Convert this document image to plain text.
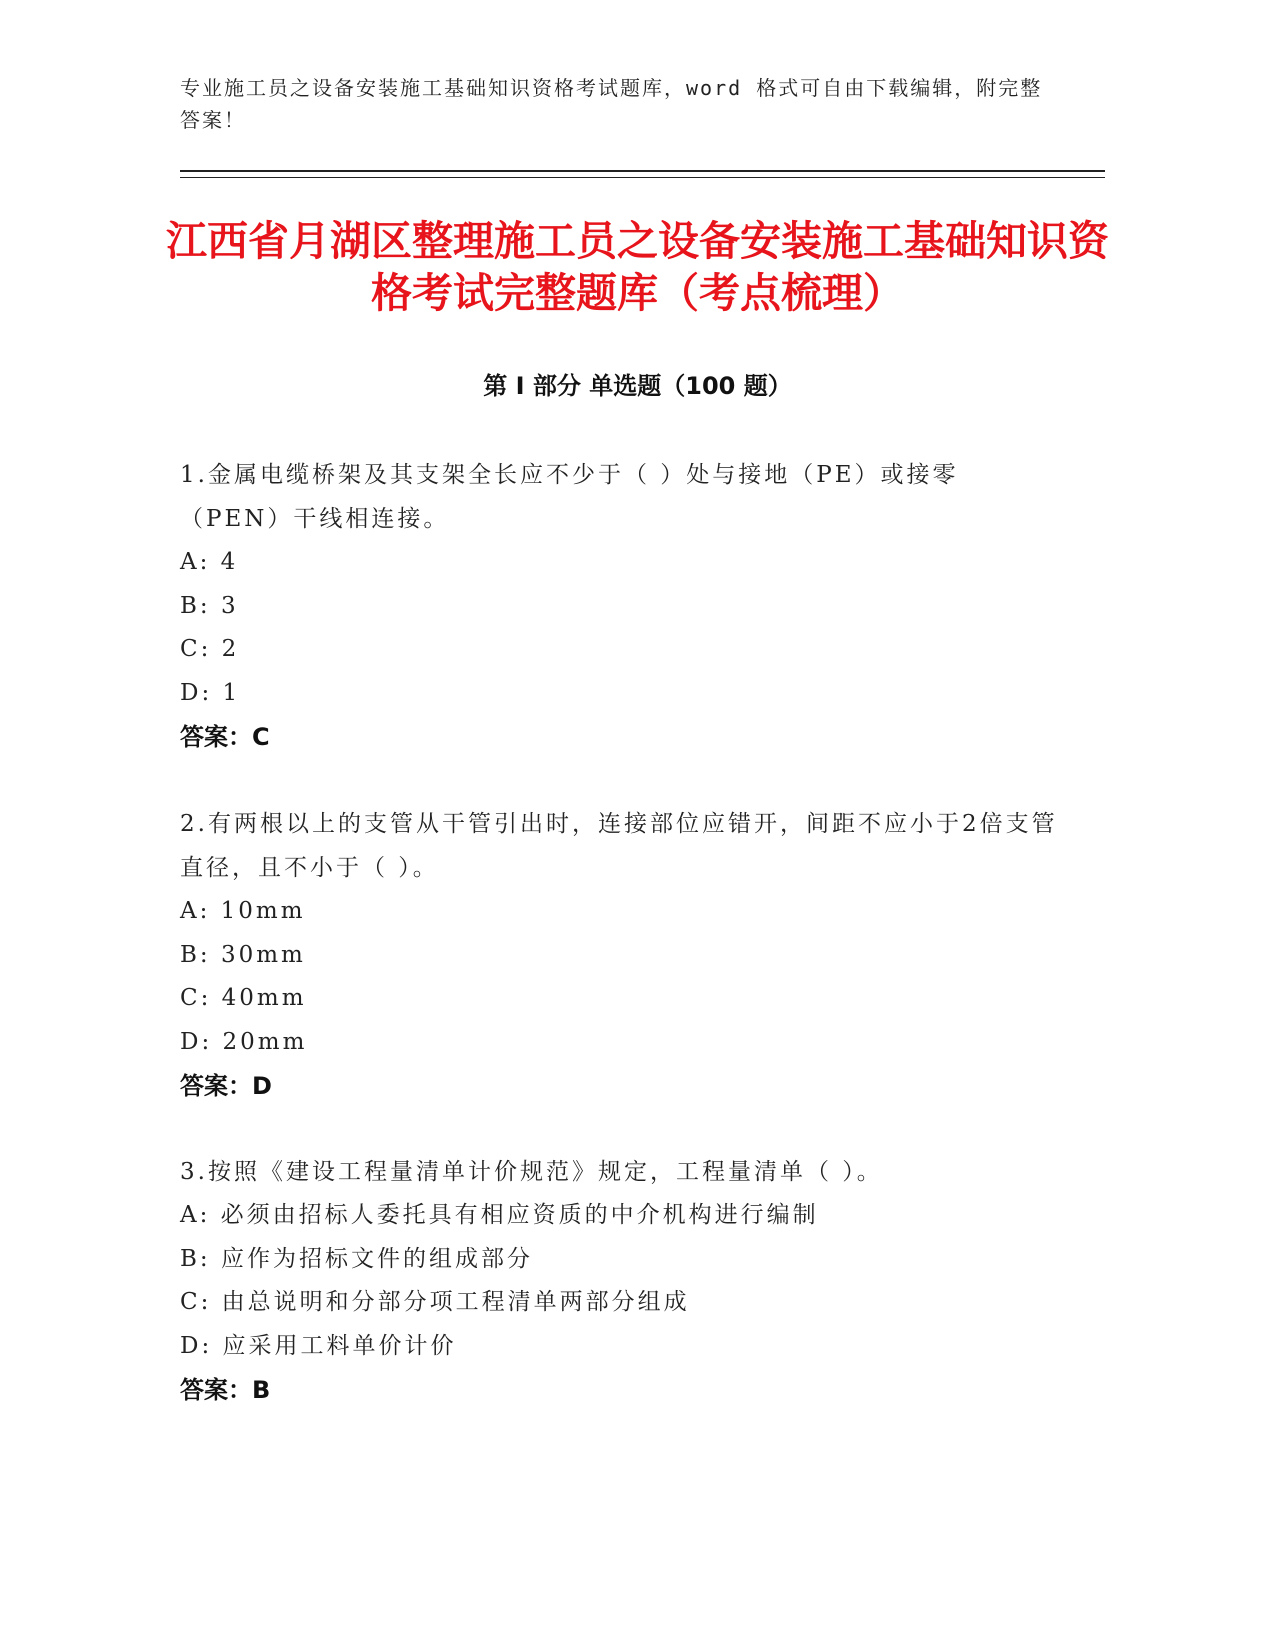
专业施工员之设备安装施工基础知识资格考试题库，word 格式可自由下载编辑，附完整答案！
江西省月湖区整理施工员之设备安装施工基础知识资格考试完整题库（考点梳理）
第 I 部分 单选题（100 题）
1.金属电缆桥架及其支架全长应不少于（ ）处与接地（PE）或接零（PEN）干线相连接。
A: 4
B: 3
C: 2
D: 1
答案：C
2.有两根以上的支管从干管引出时，连接部位应错开，间距不应小于2倍支管直径，且不小于（ ）。
A: 10mm
B: 30mm
C: 40mm
D: 20mm
答案：D
3.按照《建设工程量清单计价规范》规定，工程量清单（ ）。
A: 必须由招标人委托具有相应资质的中介机构进行编制
B: 应作为招标文件的组成部分
C: 由总说明和分部分项工程清单两部分组成
D: 应采用工料单价计价
答案：B
